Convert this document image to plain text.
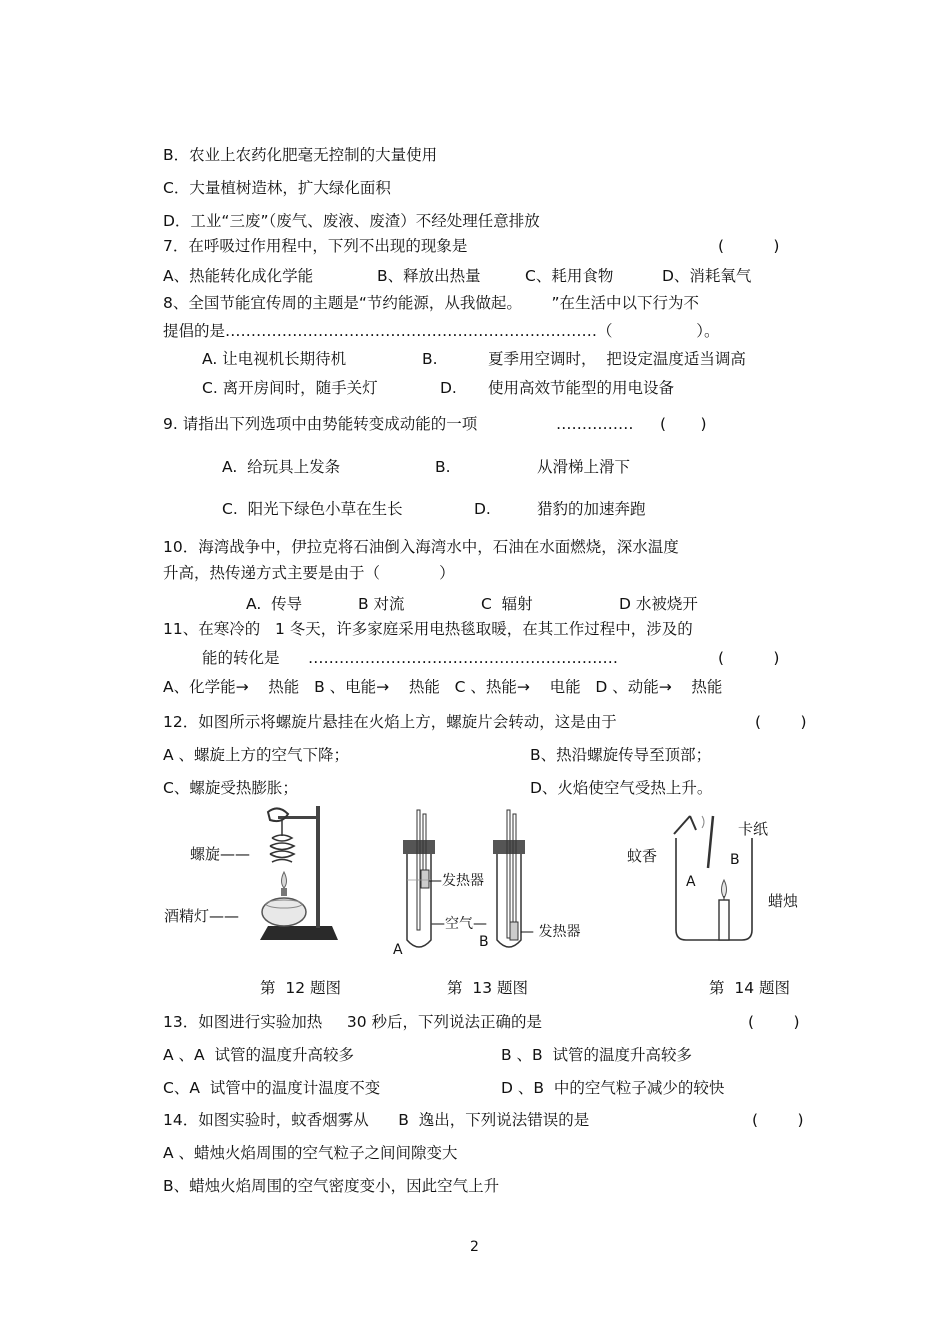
B．农业上农药化肥毫无控制的大量使用
C．大量植树造林，扩大绿化面积
D．工业“三废”（废气、废液、废渣）不经处理任意排放
7．在呼吸过作用程中，下列不出现的现象是	(          )
A、热能转化成化学能	B、释放出热量	C、耗用食物	D、消耗氧气
8、全国节能宜传周的主题是“节约能源，从我做起。      ”在生活中以下行为不
提倡的是………………………………………………………………（                 ）。
A. 让电视机长期待机	B.	夏季用空调时，  把设定温度适当调高
C. 离开房间时，随手关灯	D. 使用高效节能型的用电设备
9. 请指出下列选项中由势能转变成动能的一项	…………… (       )
A.  给玩具上发条	B.	从滑梯上滑下
C.  阳光下绿色小草在生长	D.	猎豹的加速奔跑
10．海湾战争中，伊拉克将石油倒入海湾水中，石油在水面燃烧，深水温度
升高，热传递方式主要是由于（            ）
A.  传导	B 对流	C  辐射	D 水被烧开
11、在寒冷的   1 冬天，许多家庭采用电热毯取暖，在其工作过程中，涉及的
能的转化是 ……………………………………………………	(          )
A、化学能→    热能   B 、电能→    热能   C 、热能→    电能   D 、动能→    热能
12．如图所示将螺旋片悬挂在火焰上方，螺旋片会转动，这是由于	(        )
A 、螺旋上方的空气下降；	B、热沿螺旋传导至顶部；
C、螺旋受热膨胀；	D、火焰使空气受热上升。
螺旋——
酒精灯——
—发热器
—空气— — 发热器
A	B
卡纸
蚊香
蜡烛
A
B
第  12 题图	第  13 题图	第  14 题图
13．如图进行实验加热     30 秒后，下列说法正确的是	(        )
A 、A  试管的温度升高较多	B 、B  试管的温度升高较多
C、A  试管中的温度计温度不变	D 、B  中的空气粒子减少的较快
14．如图实验时，蚊香烟雾从      B  逸出，下列说法错误的是	(        )
A 、蜡烛火焰周围的空气粒子之间间隙变大
B、蜡烛火焰周围的空气密度变小，因此空气上升
2
